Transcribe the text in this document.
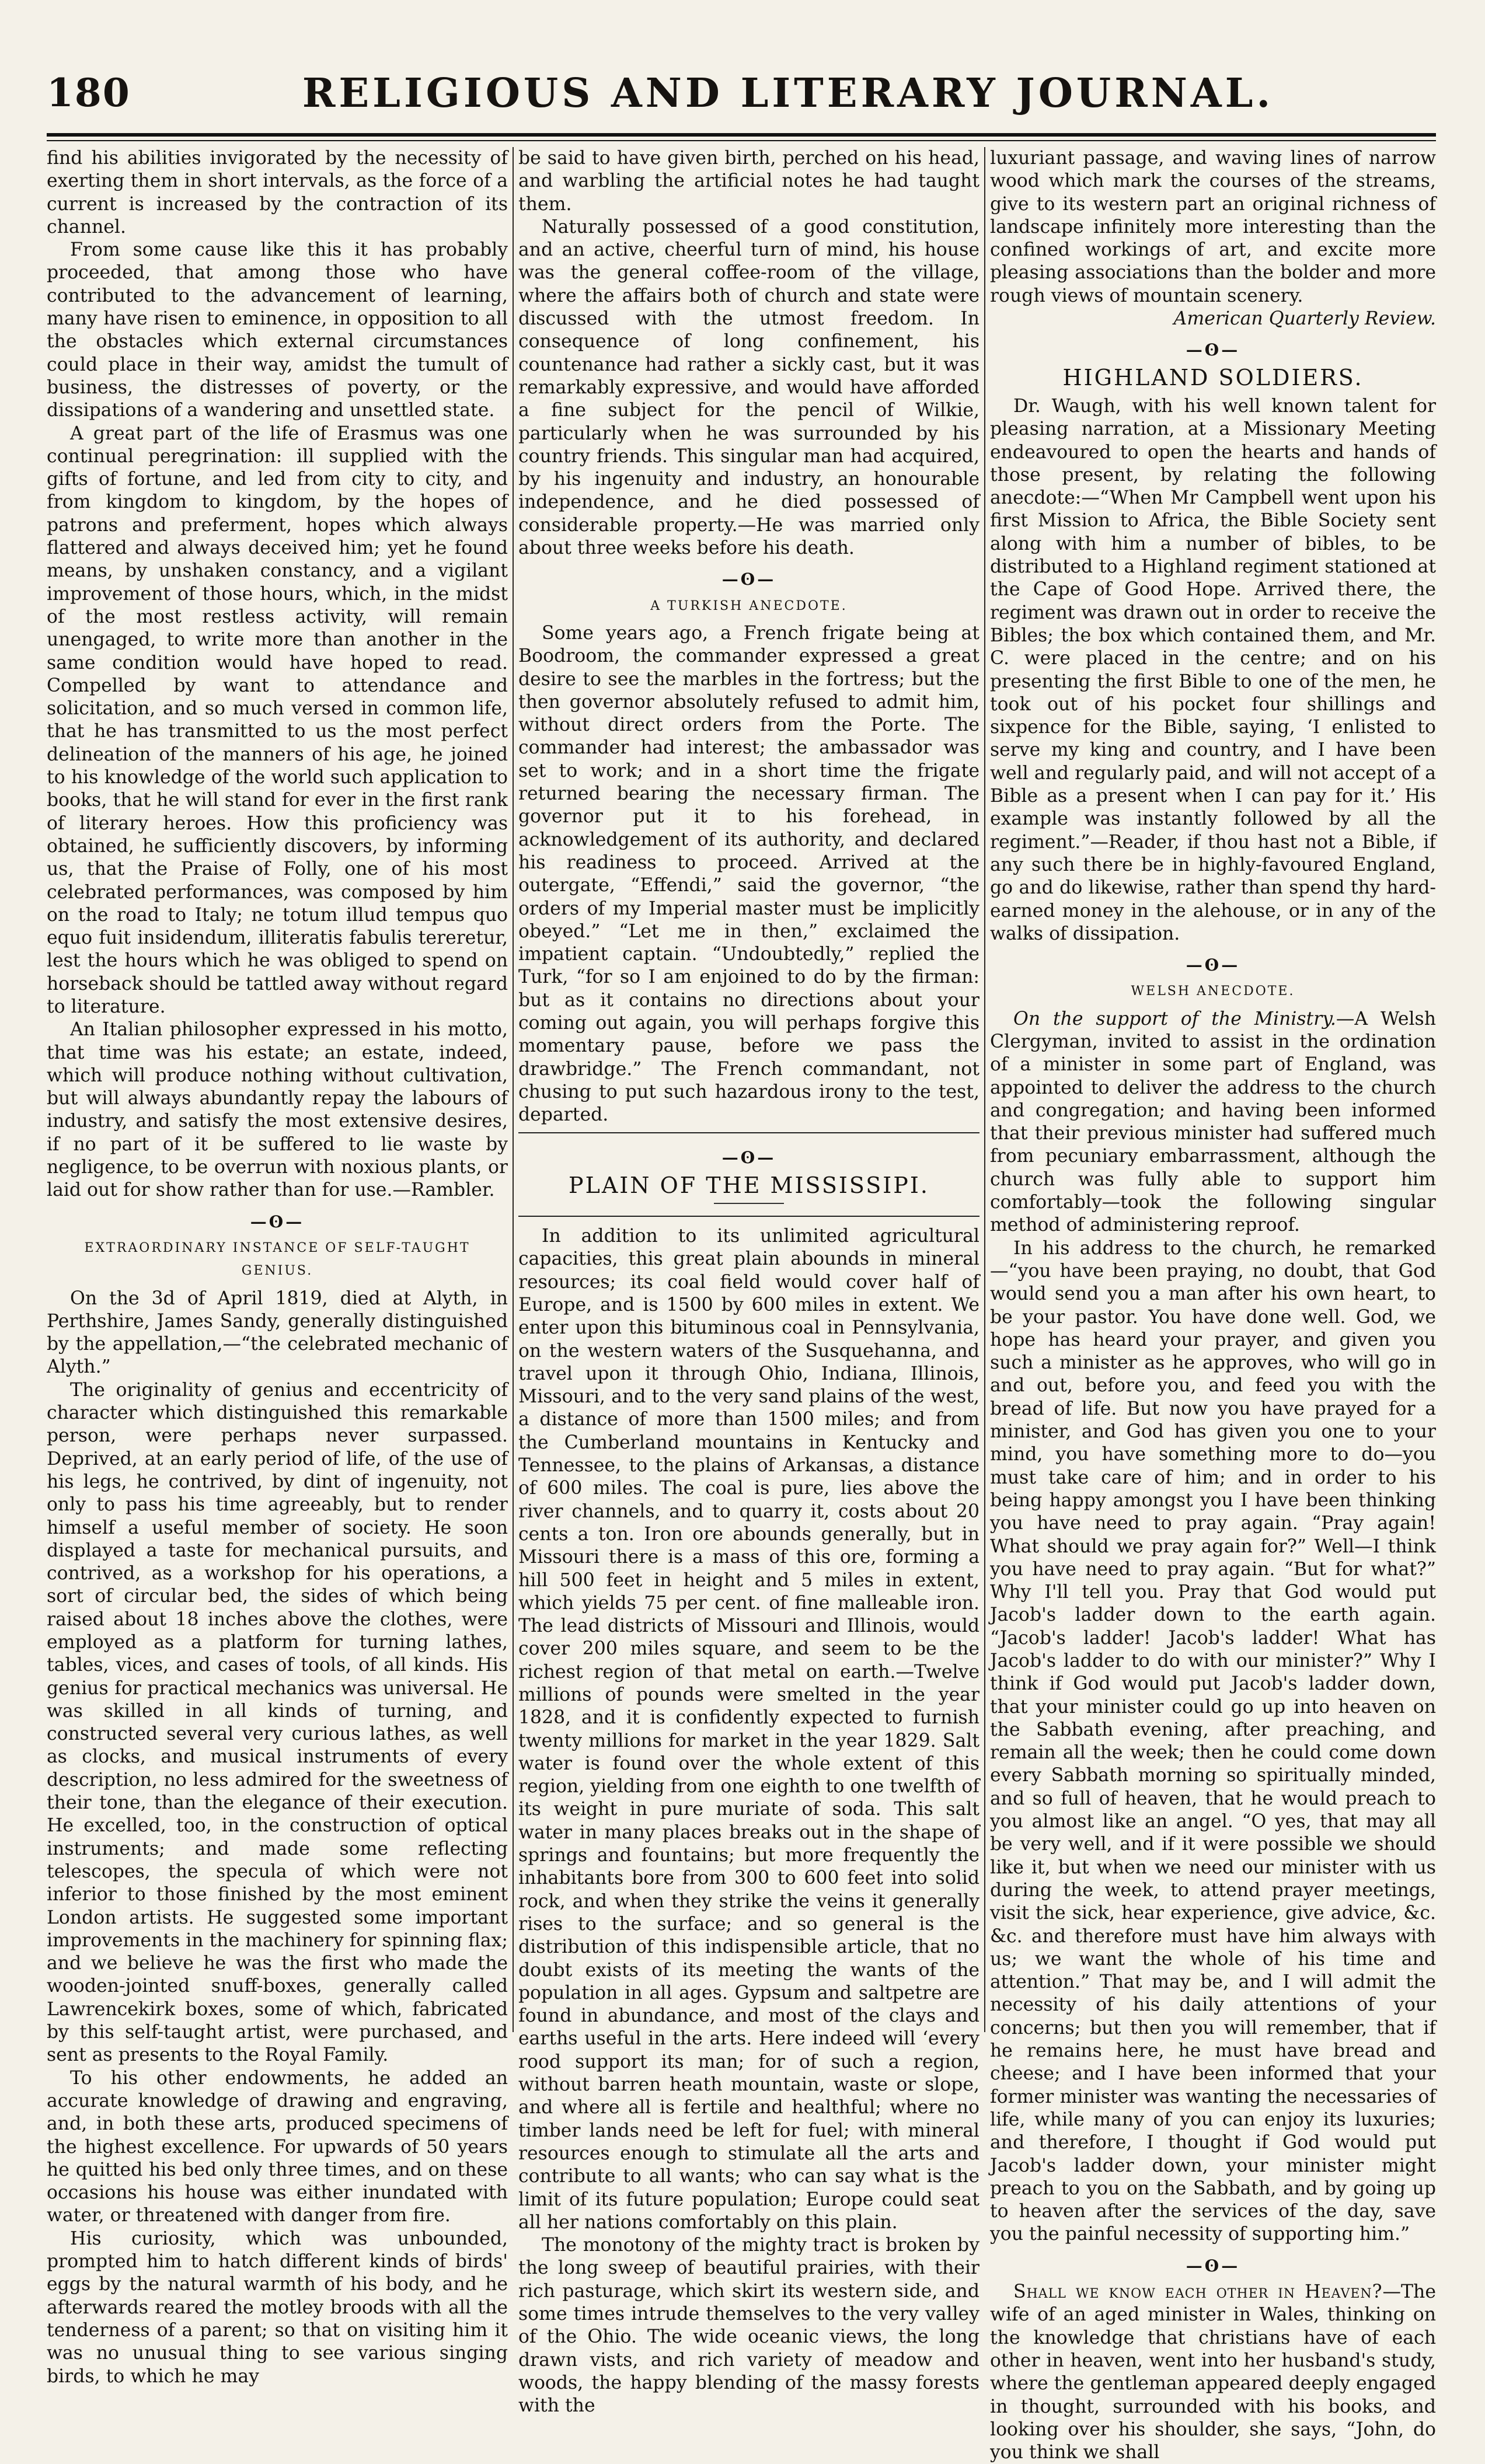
180	RELIGIOUS AND LITERARY JOURNAL.

find his abilities invigorated by the necessity of exerting them in short intervals, as the force of a current is increased by the contraction of its channel.

From some cause like this it has probably proceeded, that among those who have contributed to the advancement of learning, many have risen to eminence, in opposition to all the obstacles which external circumstances could place in their way, amidst the tumult of business, the distresses of poverty, or the dissipations of a wandering and unsettled state.

A great part of the life of Erasmus was one continual peregrination: ill supplied with the gifts of fortune, and led from city to city, and from kingdom to kingdom, by the hopes of patrons and preferment, hopes which always flattered and always deceived him; yet he found means, by unshaken constancy, and a vigilant improvement of those hours, which, in the midst of the most restless activity, will remain unengaged, to write more than another in the same condition would have hoped to read. Compelled by want to attendance and solicitation, and so much versed in common life, that he has transmitted to us the most perfect delineation of the manners of his age, he joined to his knowledge of the world such application to books, that he will stand for ever in the first rank of literary heroes. How this proficiency was obtained, he sufficiently discovers, by informing us, that the Praise of Folly, one of his most celebrated performances, was composed by him on the road to Italy; ne totum illud tempus quo equo fuit insidendum, illiteratis fabulis tereretur, lest the hours which he was obliged to spend on horseback should be tattled away without regard to literature.

An Italian philosopher expressed in his motto, that time was his estate; an estate, indeed, which will produce nothing without cultivation, but will always abundantly repay the labours of industry, and satisfy the most extensive desires, if no part of it be suffered to lie waste by negligence, to be overrun with noxious plants, or laid out for show rather than for use.—Rambler.

—ʘ—
EXTRAORDINARY INSTANCE OF SELF-TAUGHT GENIUS.

On the 3d of April 1819, died at Alyth, in Perthshire, James Sandy, generally distinguished by the appellation,—“the celebrated mechanic of Alyth.”

The originality of genius and eccentricity of character which distinguished this remarkable person, were perhaps never surpassed. Deprived, at an early period of life, of the use of his legs, he contrived, by dint of ingenuity, not only to pass his time agreeably, but to render himself a useful member of society. He soon displayed a taste for mechanical pursuits, and contrived, as a workshop for his operations, a sort of circular bed, the sides of which being raised about 18 inches above the clothes, were employed as a platform for turning lathes, tables, vices, and cases of tools, of all kinds. His genius for practical mechanics was universal. He was skilled in all kinds of turning, and constructed several very curious lathes, as well as clocks, and musical instruments of every description, no less admired for the sweetness of their tone, than the elegance of their execution. He excelled, too, in the construction of optical instruments; and made some reflecting telescopes, the specula of which were not inferior to those finished by the most eminent London artists. He suggested some important improvements in the machinery for spinning flax; and we believe he was the first who made the wooden-jointed snuff-boxes, generally called Lawrencekirk boxes, some of which, fabricated by this self-taught artist, were purchased, and sent as presents to the Royal Family.

To his other endowments, he added an accurate knowledge of drawing and engraving, and, in both these arts, produced specimens of the highest excellence. For upwards of 50 years he quitted his bed only three times, and on these occasions his house was either inundated with water, or threatened with danger from fire.

His curiosity, which was unbounded, prompted him to hatch different kinds of birds' eggs by the natural warmth of his body, and he afterwards reared the motley broods with all the tenderness of a parent; so that on visiting him it was no unusual thing to see various singing birds, to which he may

be said to have given birth, perched on his head, and warbling the artificial notes he had taught them.

Naturally possessed of a good constitution, and an active, cheerful turn of mind, his house was the general coffee-room of the village, where the affairs both of church and state were discussed with the utmost freedom. In consequence of long confinement, his countenance had rather a sickly cast, but it was remarkably expressive, and would have afforded a fine subject for the pencil of Wilkie, particularly when he was surrounded by his country friends. This singular man had acquired, by his ingenuity and industry, an honourable independence, and he died possessed of considerable property.—He was married only about three weeks before his death.

—ʘ—
A TURKISH ANECDOTE.

Some years ago, a French frigate being at Boodroom, the commander expressed a great desire to see the marbles in the fortress; but the then governor absolutely refused to admit him, without direct orders from the Porte. The commander had interest; the ambassador was set to work; and in a short time the frigate returned bearing the necessary firman. The governor put it to his forehead, in acknowledgement of its authority, and declared his readiness to proceed. Arrived at the outergate, “Effendi,” said the governor, “the orders of my Imperial master must be implicitly obeyed.” “Let me in then,” exclaimed the impatient captain. “Undoubtedly,” replied the Turk, “for so I am enjoined to do by the firman: but as it contains no directions about your coming out again, you will perhaps forgive this momentary pause, before we pass the drawbridge.” The French commandant, not chusing to put such hazardous irony to the test, departed.

—ʘ—
PLAIN OF THE MISSISSIPI.

In addition to its unlimited agricultural capacities, this great plain abounds in mineral resources; its coal field would cover half of Europe, and is 1500 by 600 miles in extent. We enter upon this bituminous coal in Pennsylvania, on the western waters of the Susquehanna, and travel upon it through Ohio, Indiana, Illinois, Missouri, and to the very sand plains of the west, a distance of more than 1500 miles; and from the Cumberland mountains in Kentucky and Tennessee, to the plains of Arkansas, a distance of 600 miles. The coal is pure, lies above the river channels, and to quarry it, costs about 20 cents a ton. Iron ore abounds generally, but in Missouri there is a mass of this ore, forming a hill 500 feet in height and 5 miles in extent, which yields 75 per cent. of fine malleable iron. The lead districts of Missouri and Illinois, would cover 200 miles square, and seem to be the richest region of that metal on earth.—Twelve millions of pounds were smelted in the year 1828, and it is confidently expected to furnish twenty millions for market in the year 1829. Salt water is found over the whole extent of this region, yielding from one eighth to one twelfth of its weight in pure muriate of soda. This salt water in many places breaks out in the shape of springs and fountains; but more frequently the inhabitants bore from 300 to 600 feet into solid rock, and when they strike the veins it generally rises to the surface; and so general is the distribution of this indispensible article, that no doubt exists of its meeting the wants of the population in all ages. Gypsum and saltpetre are found in abundance, and most of the clays and earths useful in the arts. Here indeed will ‘every rood support its man; for of such a region, without barren heath mountain, waste or slope, and where all is fertile and healthful; where no timber lands need be left for fuel; with mineral resources enough to stimulate all the arts and contribute to all wants; who can say what is the limit of its future population; Europe could seat all her nations comfortably on this plain.

The monotony of the mighty tract is broken by the long sweep of beautiful prairies, with their rich pasturage, which skirt its western side, and some times intrude themselves to the very valley of the Ohio. The wide oceanic views, the long drawn vists, and rich variety of meadow and woods, the happy blending of the massy forests with the

luxuriant passage, and waving lines of narrow wood which mark the courses of the streams, give to its western part an original richness of landscape infinitely more interesting than the confined workings of art, and excite more pleasing associations than the bolder and more rough views of mountain scenery.

American Quarterly Review.

—ʘ—
HIGHLAND SOLDIERS.

Dr. Waugh, with his well known talent for pleasing narration, at a Missionary Meeting endeavoured to open the hearts and hands of those present, by relating the following anecdote:—“When Mr Campbell went upon his first Mission to Africa, the Bible Society sent along with him a number of bibles, to be distributed to a Highland regiment stationed at the Cape of Good Hope. Arrived there, the regiment was drawn out in order to receive the Bibles; the box which contained them, and Mr. C. were placed in the centre; and on his presenting the first Bible to one of the men, he took out of his pocket four shillings and sixpence for the Bible, saying, ‘I enlisted to serve my king and country, and I have been well and regularly paid, and will not accept of a Bible as a present when I can pay for it.’ His example was instantly followed by all the regiment.”—Reader, if thou hast not a Bible, if any such there be in highly-favoured England, go and do likewise, rather than spend thy hard-earned money in the alehouse, or in any of the walks of dissipation.

—ʘ—
WELSH ANECDOTE.

On the support of the Ministry.—A Welsh Clergyman, invited to assist in the ordination of a minister in some part of England, was appointed to deliver the address to the church and congregation; and having been informed that their previous minister had suffered much from pecuniary embarrassment, although the church was fully able to support him comfortably—took the following singular method of administering reproof.

In his address to the church, he remarked—“you have been praying, no doubt, that God would send you a man after his own heart, to be your pastor. You have done well. God, we hope has heard your prayer, and given you such a minister as he approves, who will go in and out, before you, and feed you with the bread of life. But now you have prayed for a minister, and God has given you one to your mind, you have something more to do—you must take care of him; and in order to his being happy amongst you I have been thinking you have need to pray again. “Pray again! What should we pray again for?” Well—I think you have need to pray again. “But for what?” Why I'll tell you. Pray that God would put Jacob's ladder down to the earth again. “Jacob's ladder! Jacob's ladder! What has Jacob's ladder to do with our minister?” Why I think if God would put Jacob's ladder down, that your minister could go up into heaven on the Sabbath evening, after preaching, and remain all the week; then he could come down every Sabbath morning so spiritually minded, and so full of heaven, that he would preach to you almost like an angel. “O yes, that may all be very well, and if it were possible we should like it, but when we need our minister with us during the week, to attend prayer meetings, visit the sick, hear experience, give advice, &c. &c. and therefore must have him always with us; we want the whole of his time and attention.” That may be, and I will admit the necessity of his daily attentions of your concerns; but then you will remember, that if he remains here, he must have bread and cheese; and I have been informed that your former minister was wanting the necessaries of life, while many of you can enjoy its luxuries; and therefore, I thought if God would put Jacob's ladder down, your minister might preach to you on the Sabbath, and by going up to heaven after the services of the day, save you the painful necessity of supporting him.”

—ʘ—

Shall we know each other in Heaven?—The wife of an aged minister in Wales, thinking on the knowledge that christians have of each other in heaven, went into her husband's study, where the gentleman appeared deeply engaged in thought, surrounded with his books, and looking over his shoulder, she says, “John, do you think we shall
